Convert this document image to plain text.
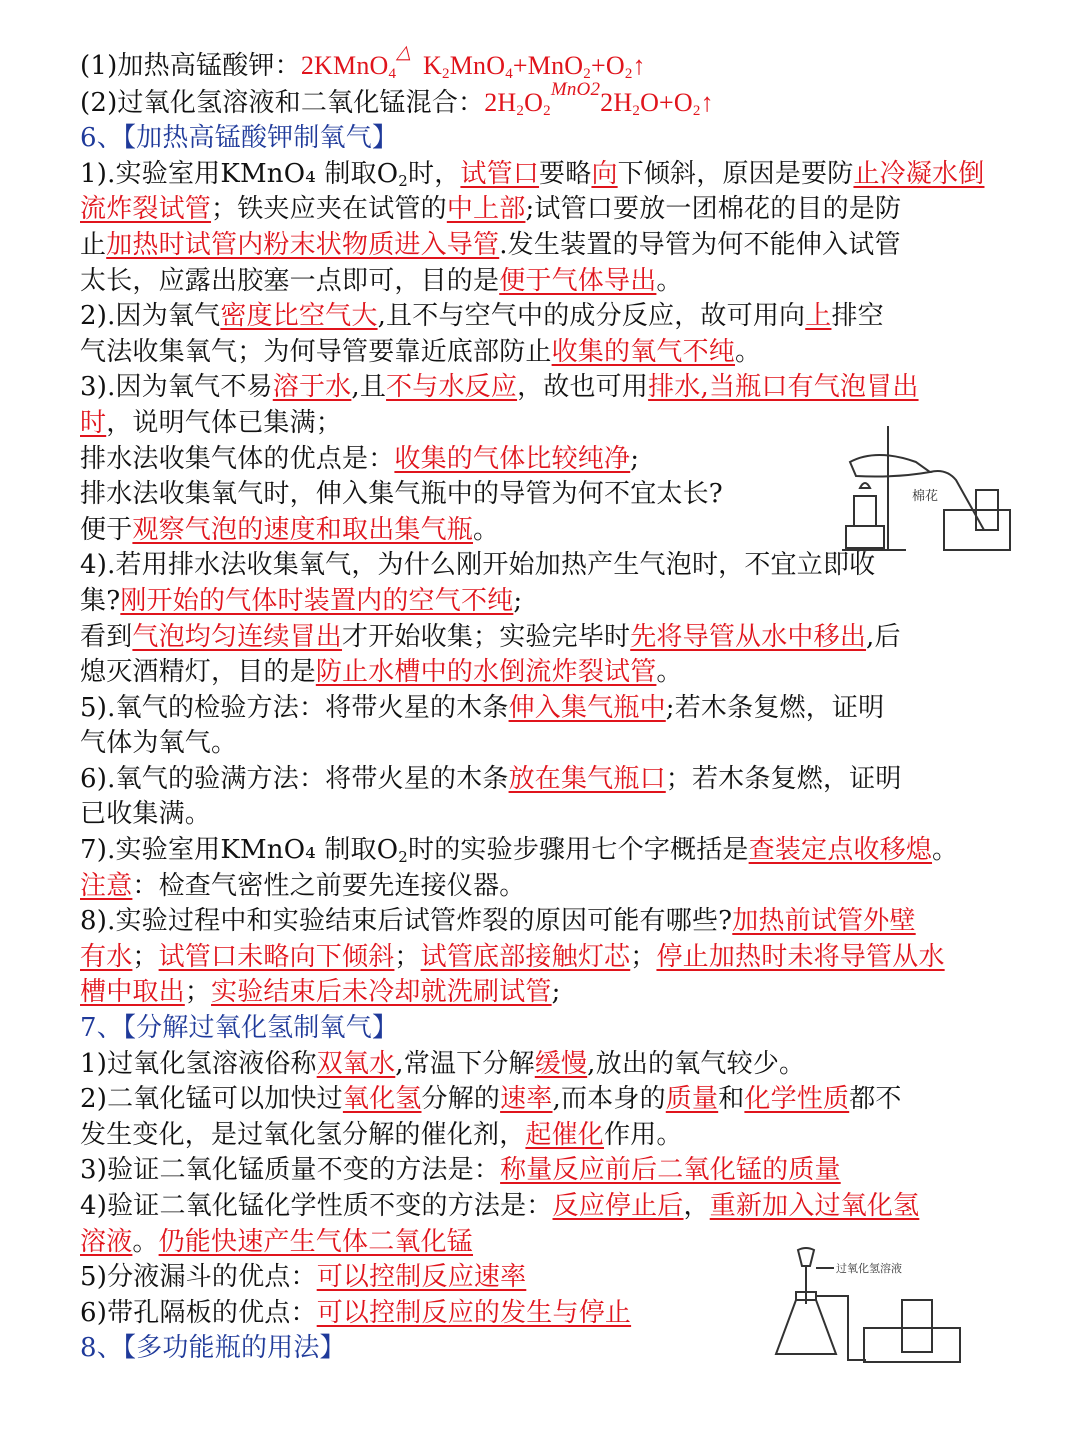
(1)加热高锰酸钾：2KMnO$_4$△ $K_2MnO_4+MnO_2+O_2↑$
(2)过氧化氢溶液和二氧化锰混合：$2H_2O_2^{MnO2}2H_2O+O_2↑$
6、【加热高锰酸钾制氧气】
1).实验室用KMnO₄ 制取$O_2$时，试管口要略向下倾斜，原因是要防止冷凝水倒
流炸裂试管；铁夹应夹在试管的中上部;试管口要放一团棉花的目的是防
止加热时试管内粉末状物质进入导管.发生装置的导管为何不能伸入试管
太长，应露出胶塞一点即可，目的是便于气体导出。
2).因为氧气密度比空气大,且不与空气中的成分反应，故可用向上排空
气法收集氧气；为何导管要靠近底部防止收集的氧气不纯。
3).因为氧气不易溶于水,且不与水反应，故也可用排水,当瓶口有气泡冒出
时，说明气体已集满；
排水法收集气体的优点是：收集的气体比较纯净;
排水法收集氧气时，伸入集气瓶中的导管为何不宜太长?
便于观察气泡的速度和取出集气瓶。
4).若用排水法收集氧气，为什么刚开始加热产生气泡时，不宜立即收
集?刚开始的气体时装置内的空气不纯;
看到气泡均匀连续冒出才开始收集；实验完毕时先将导管从水中移出,后
熄灭酒精灯，目的是防止水槽中的水倒流炸裂试管。
5).氧气的检验方法：将带火星的木条伸入集气瓶中;若木条复燃，证明
气体为氧气。
6).氧气的验满方法：将带火星的木条放在集气瓶口；若木条复燃，证明
已收集满。
7).实验室用KMnO₄ 制取$O_2$时的实验步骤用七个字概括是查装定点收移熄。
注意：检查气密性之前要先连接仪器。
8).实验过程中和实验结束后试管炸裂的原因可能有哪些?加热前试管外壁
有水；试管口未略向下倾斜；试管底部接触灯芯；停止加热时未将导管从水
槽中取出；实验结束后未冷却就洗刷试管;
7、【分解过氧化氢制氧气】
1)过氧化氢溶液俗称双氧水,常温下分解缓慢,放出的氧气较少。
2)二氧化锰可以加快过氧化氢分解的速率,而本身的质量和化学性质都不
发生变化，是过氧化氢分解的催化剂，起催化作用。
3)验证二氧化锰质量不变的方法是：称量反应前后二氧化锰的质量
4)验证二氧化锰化学性质不变的方法是：反应停止后，重新加入过氧化氢
溶液。仍能快速产生气体二氧化锰
5)分液漏斗的优点：可以控制反应速率
6)带孔隔板的优点：可以控制反应的发生与停止
8、【多功能瓶的用法】
棉花
过氧化氢溶液
